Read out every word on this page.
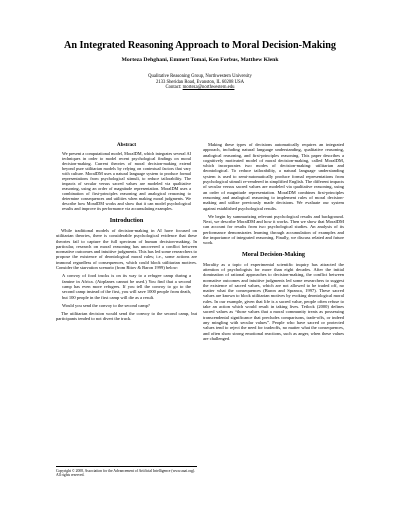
An Integrated Reasoning Approach to Moral Decision-Making
Morteza Dehghani, Emmett Tomai, Ken Forbus, Matthew Klenk
Qualitative Reasoning Group, Northwestern University
2133 Sheridan Road, Evanston, IL 60208 USA
Contact: morteza@northwestern.edu
Abstract

We present a computational model, MoralDM, which integrates several AI techniques in order to model recent psychological findings on moral decision-making. Current theories of moral decision-making extend beyond pure utilitarian models by relying on contextual factors that vary with culture. MoralDM uses a natural language system to produce formal representations from psychological stimuli, to reduce tailorability. The impacts of secular versus sacred values are modeled via qualitative reasoning, using an order of magnitude representation. MoralDM uses a combination of first-principles reasoning and analogical reasoning to determine consequences and utilities when making moral judgments. We describe how MoralDM works and show that it can model psychological results and improve its performance via accumulating examples.

Introduction

While traditional models of decision-making in AI have focused on utilitarian theories, there is considerable psychological evidence that these theories fail to capture the full spectrum of human decision-making. In particular, research on moral reasoning has uncovered a conflict between normative outcomes and intuitive judgments. This has led some researchers to propose the existence of deontological moral rules; i.e., some actions are immoral regardless of consequences, which could block utilitarian motives. Consider the starvation scenario (from Ritov & Baron 1999) below:

A convoy of food trucks is on its way to a refugee camp during a famine in Africa. (Airplanes cannot be used.) You find that a second camp has even more refugees. If you tell the convoy to go to the second camp instead of the first, you will save 1000 people from death, but 100 people in the first camp will die as a result.

Would you send the convoy to the second camp?

The utilitarian decision would send the convoy to the second camp, but participants tended to not divert the truck.

Making these types of decisions automatically requires an integrated approach, including natural language understanding, qualitative reasoning, analogical reasoning, and first-principles reasoning. This paper describes a cognitively motivated model of moral decision-making, called MoralDM, which incorporates two modes of decision-making: utilitarian and deontological. To reduce tailorability, a natural language understanding system is used to semi-automatically produce formal representations from psychological stimuli re-rendered in simplified English. The different impacts of secular versus sacred values are modeled via qualitative reasoning, using an order of magnitude representation. MoralDM combines first-principles reasoning and analogical reasoning to implement rules of moral decision-making and utilize previously made decisions. We evaluate our system against established psychological results.

We begin by summarizing relevant psychological results and background. Next, we describe MoralDM and how it works. Then we show that MoralDM can account for results from two psychological studies. An analysis of its performance demonstrates learning through accumulation of examples and the importance of integrated reasoning. Finally, we discuss related and future work.

Moral Decision-Making

Morality as a topic of experimental scientific inquiry has attracted the attention of psychologists for more than eight decades. After the initial domination of rational approaches to decision-making, the conflict between normative outcomes and intuitive judgments led some researchers to suggest the existence of sacred values, which are not allowed to be traded off, no matter what the consequences (Baron and Spranca, 1997). These sacred values are known to block utilitarian motives by evoking deontological moral rules. In our example, given that life is a sacred value, people often refuse to take an action which would result in taking lives. Tetlock (2000) defines sacred values as “those values that a moral community treats as possessing transcendental significance that precludes comparisons, trade-offs, or indeed any mingling with secular values”. People who have sacred or protected values tend to reject the need for tradeoffs, no matter what the consequences, and often show strong emotional reactions, such as anger, when these values are challenged.

Copyright © 2008, Association for the Advancement of Artificial Intelligence (www.aaai.org). All rights reserved.
